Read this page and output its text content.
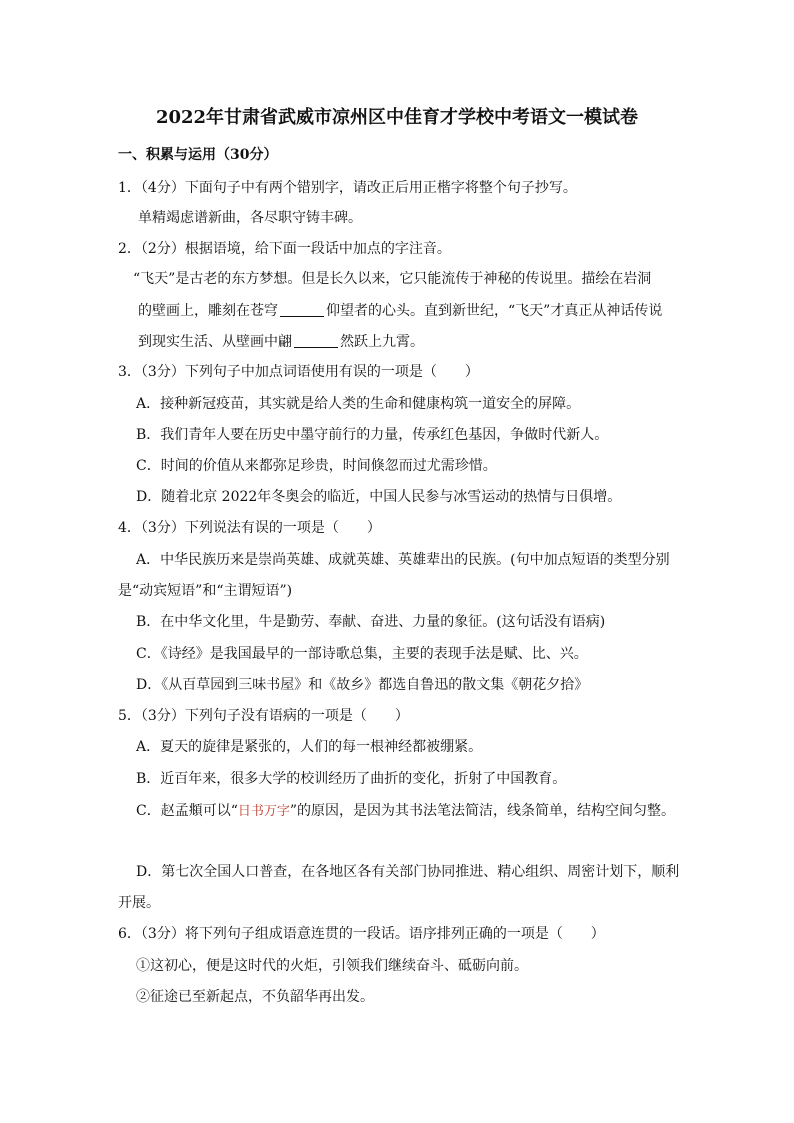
2022年甘肃省武威市凉州区中佳育才学校中考语文一模试卷
一、积累与运用（30分）
1．（4分）下面句子中有两个错别字，请改正后用正楷字将整个句子抄写。
单精竭虑谱新曲，各尽职守铸丰碑。
2．（2分）根据语境，给下面一段话中加点的字注音。
“飞天”是古老的东方梦想。但是长久以来，它只能流传于神秘的传说里。描绘在岩洞
的壁画上，雕刻在苍穹	仰望者的心头。直到新世纪，“飞天”才真正从神话传说
到现实生活、从壁画中翩	然跃上九霄。
3．（3分）下列句子中加点词语使用有误的一项是（　　）
A．接种新冠疫苗，其实就是给人类的生命和健康构筑一道安全的屏障。
B．我们青年人要在历史中墨守前行的力量，传承红色基因，争做时代新人。
C．时间的价值从来都弥足珍贵，时间倏忽而过尤需珍惜。
D．随着北京 2022年冬奥会的临近，中国人民参与冰雪运动的热情与日俱增。
4．（3分）下列说法有误的一项是（　　）
A．中华民族历来是崇尚英雄、成就英雄、英雄辈出的民族。(句中加点短语的类型分别
是“动宾短语”和“主谓短语”)
B．在中华文化里，牛是勤劳、奉献、奋进、力量的象征。(这句话没有语病)
C．《诗经》是我国最早的一部诗歌总集，主要的表现手法是赋、比、兴。
D．《从百草园到三味书屋》和《故乡》都选自鲁迅的散文集《朝花夕拾》
5．（3分）下列句子没有语病的一项是（　　）
A．夏天的旋律是紧张的，人们的每一根神经都被绷紧。
B．近百年来，很多大学的校训经历了曲折的变化，折射了中国教育。
C．赵孟頫可以“日书万字”的原因，是因为其书法笔法简洁，线条简单，结构空间匀整。
D．第七次全国人口普查，在各地区各有关部门协同推进、精心组织、周密计划下，顺利
开展。
6．（3分）将下列句子组成语意连贯的一段话。语序排列正确的一项是（　　）
①这初心，便是这时代的火炬，引领我们继续奋斗、砥砺向前。
②征途已至新起点，不负韶华再出发。
